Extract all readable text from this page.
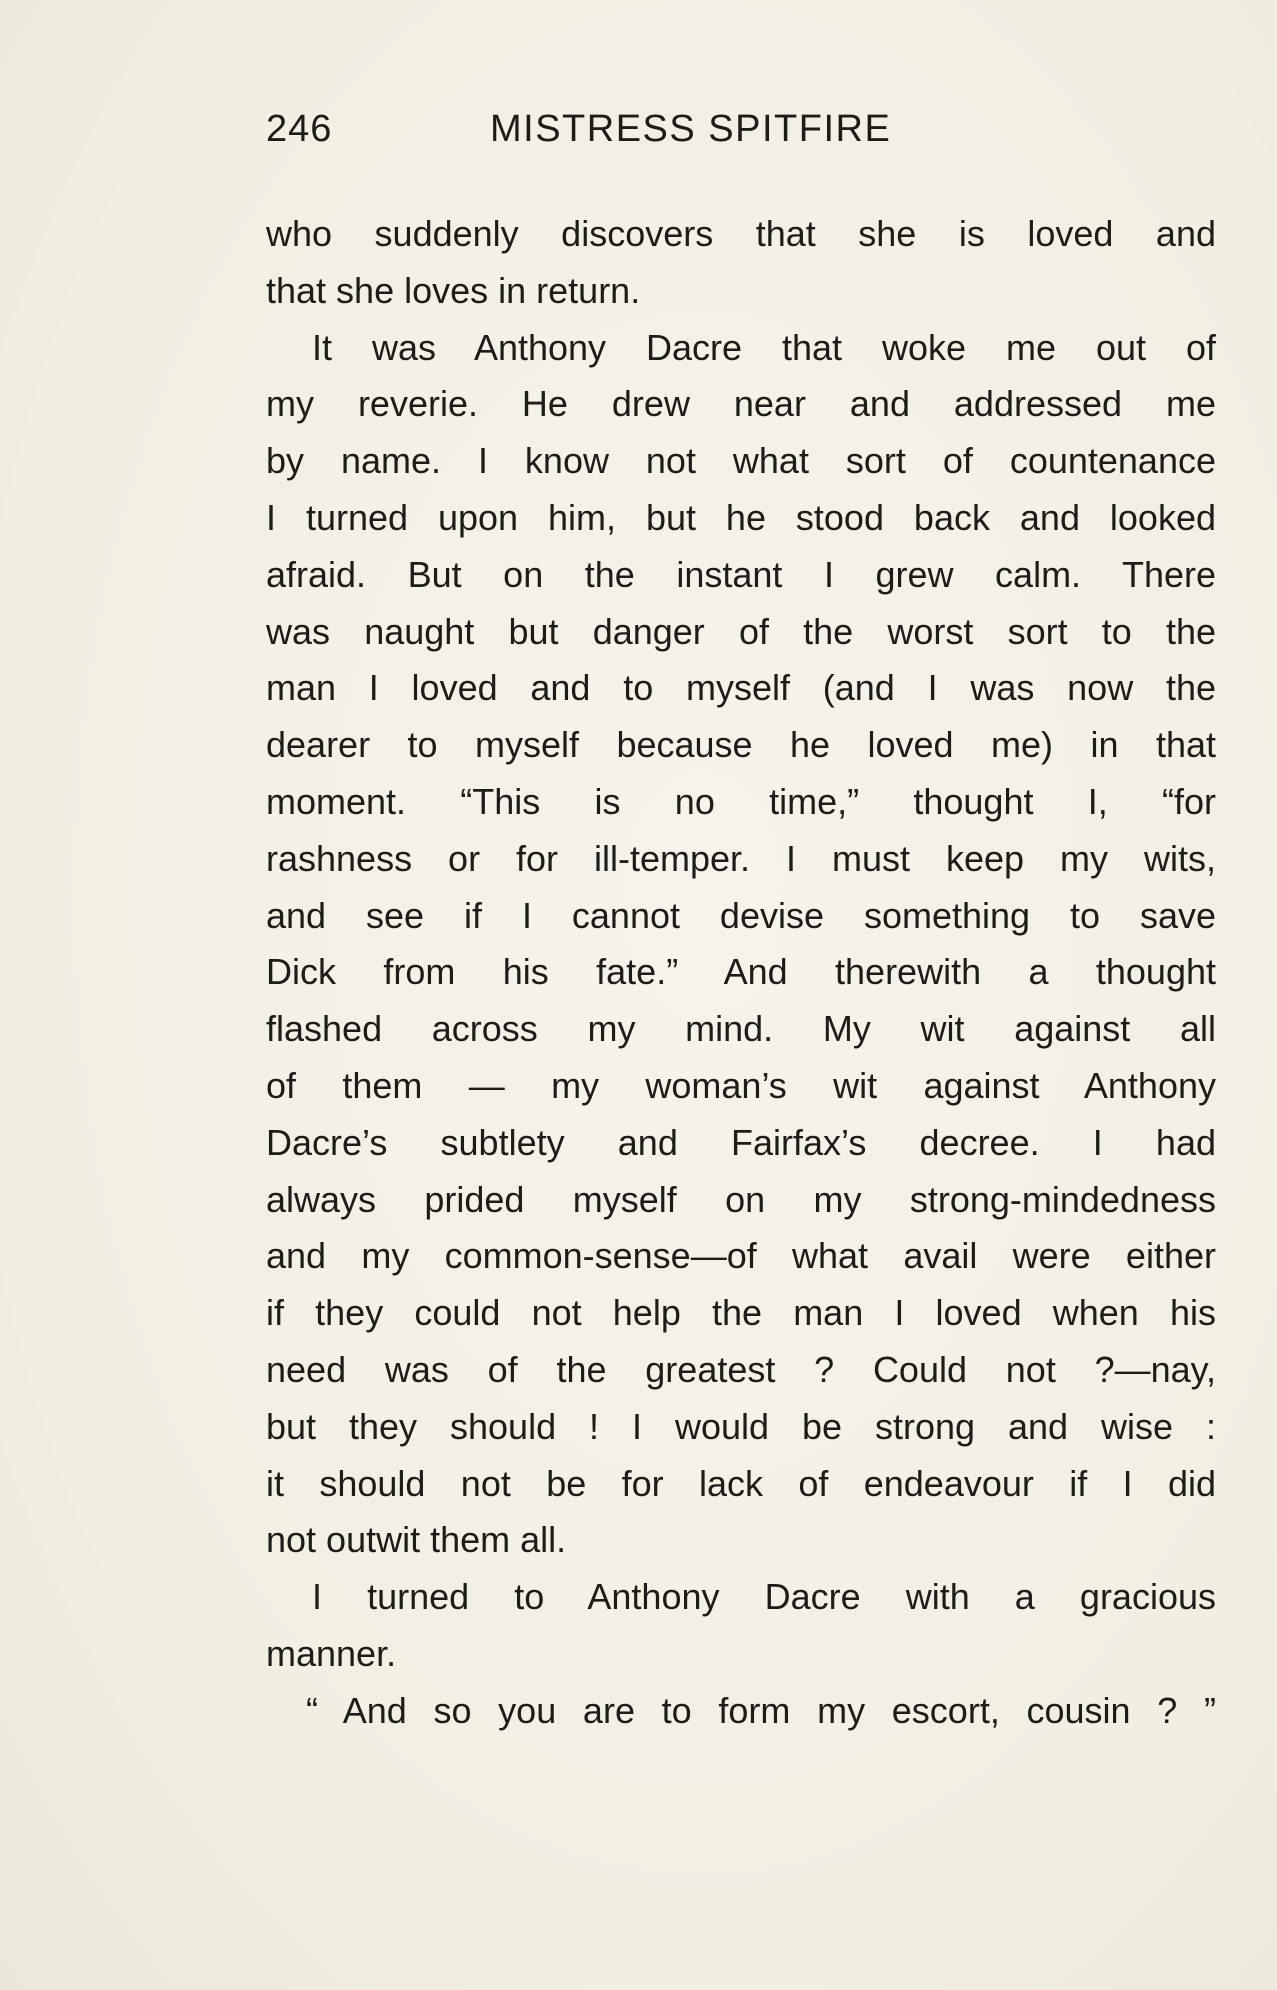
246	MISTRESS SPITFIRE
who suddenly discovers that she is loved and
that she loves in return.
It was Anthony Dacre that woke me out of
my reverie. He drew near and addressed me
by name. I know not what sort of countenance
I turned upon him, but he stood back and looked
afraid. But on the instant I grew calm. There
was naught but danger of the worst sort to the
man I loved and to myself (and I was now the
dearer to myself because he loved me) in that
moment. “This is no time,” thought I, “for
rashness or for ill-temper. I must keep my wits,
and see if I cannot devise something to save
Dick from his fate.” And therewith a thought
flashed across my mind. My wit against all
of them — my woman’s wit against Anthony
Dacre’s subtlety and Fairfax’s decree. I had
always prided myself on my strong-mindedness
and my common-sense—of what avail were either
if they could not help the man I loved when his
need was of the greatest ? Could not ?—nay,
but they should ! I would be strong and wise :
it should not be for lack of endeavour if I did
not outwit them all.
I turned to Anthony Dacre with a gracious
manner.
“ And so you are to form my escort, cousin ? ”
